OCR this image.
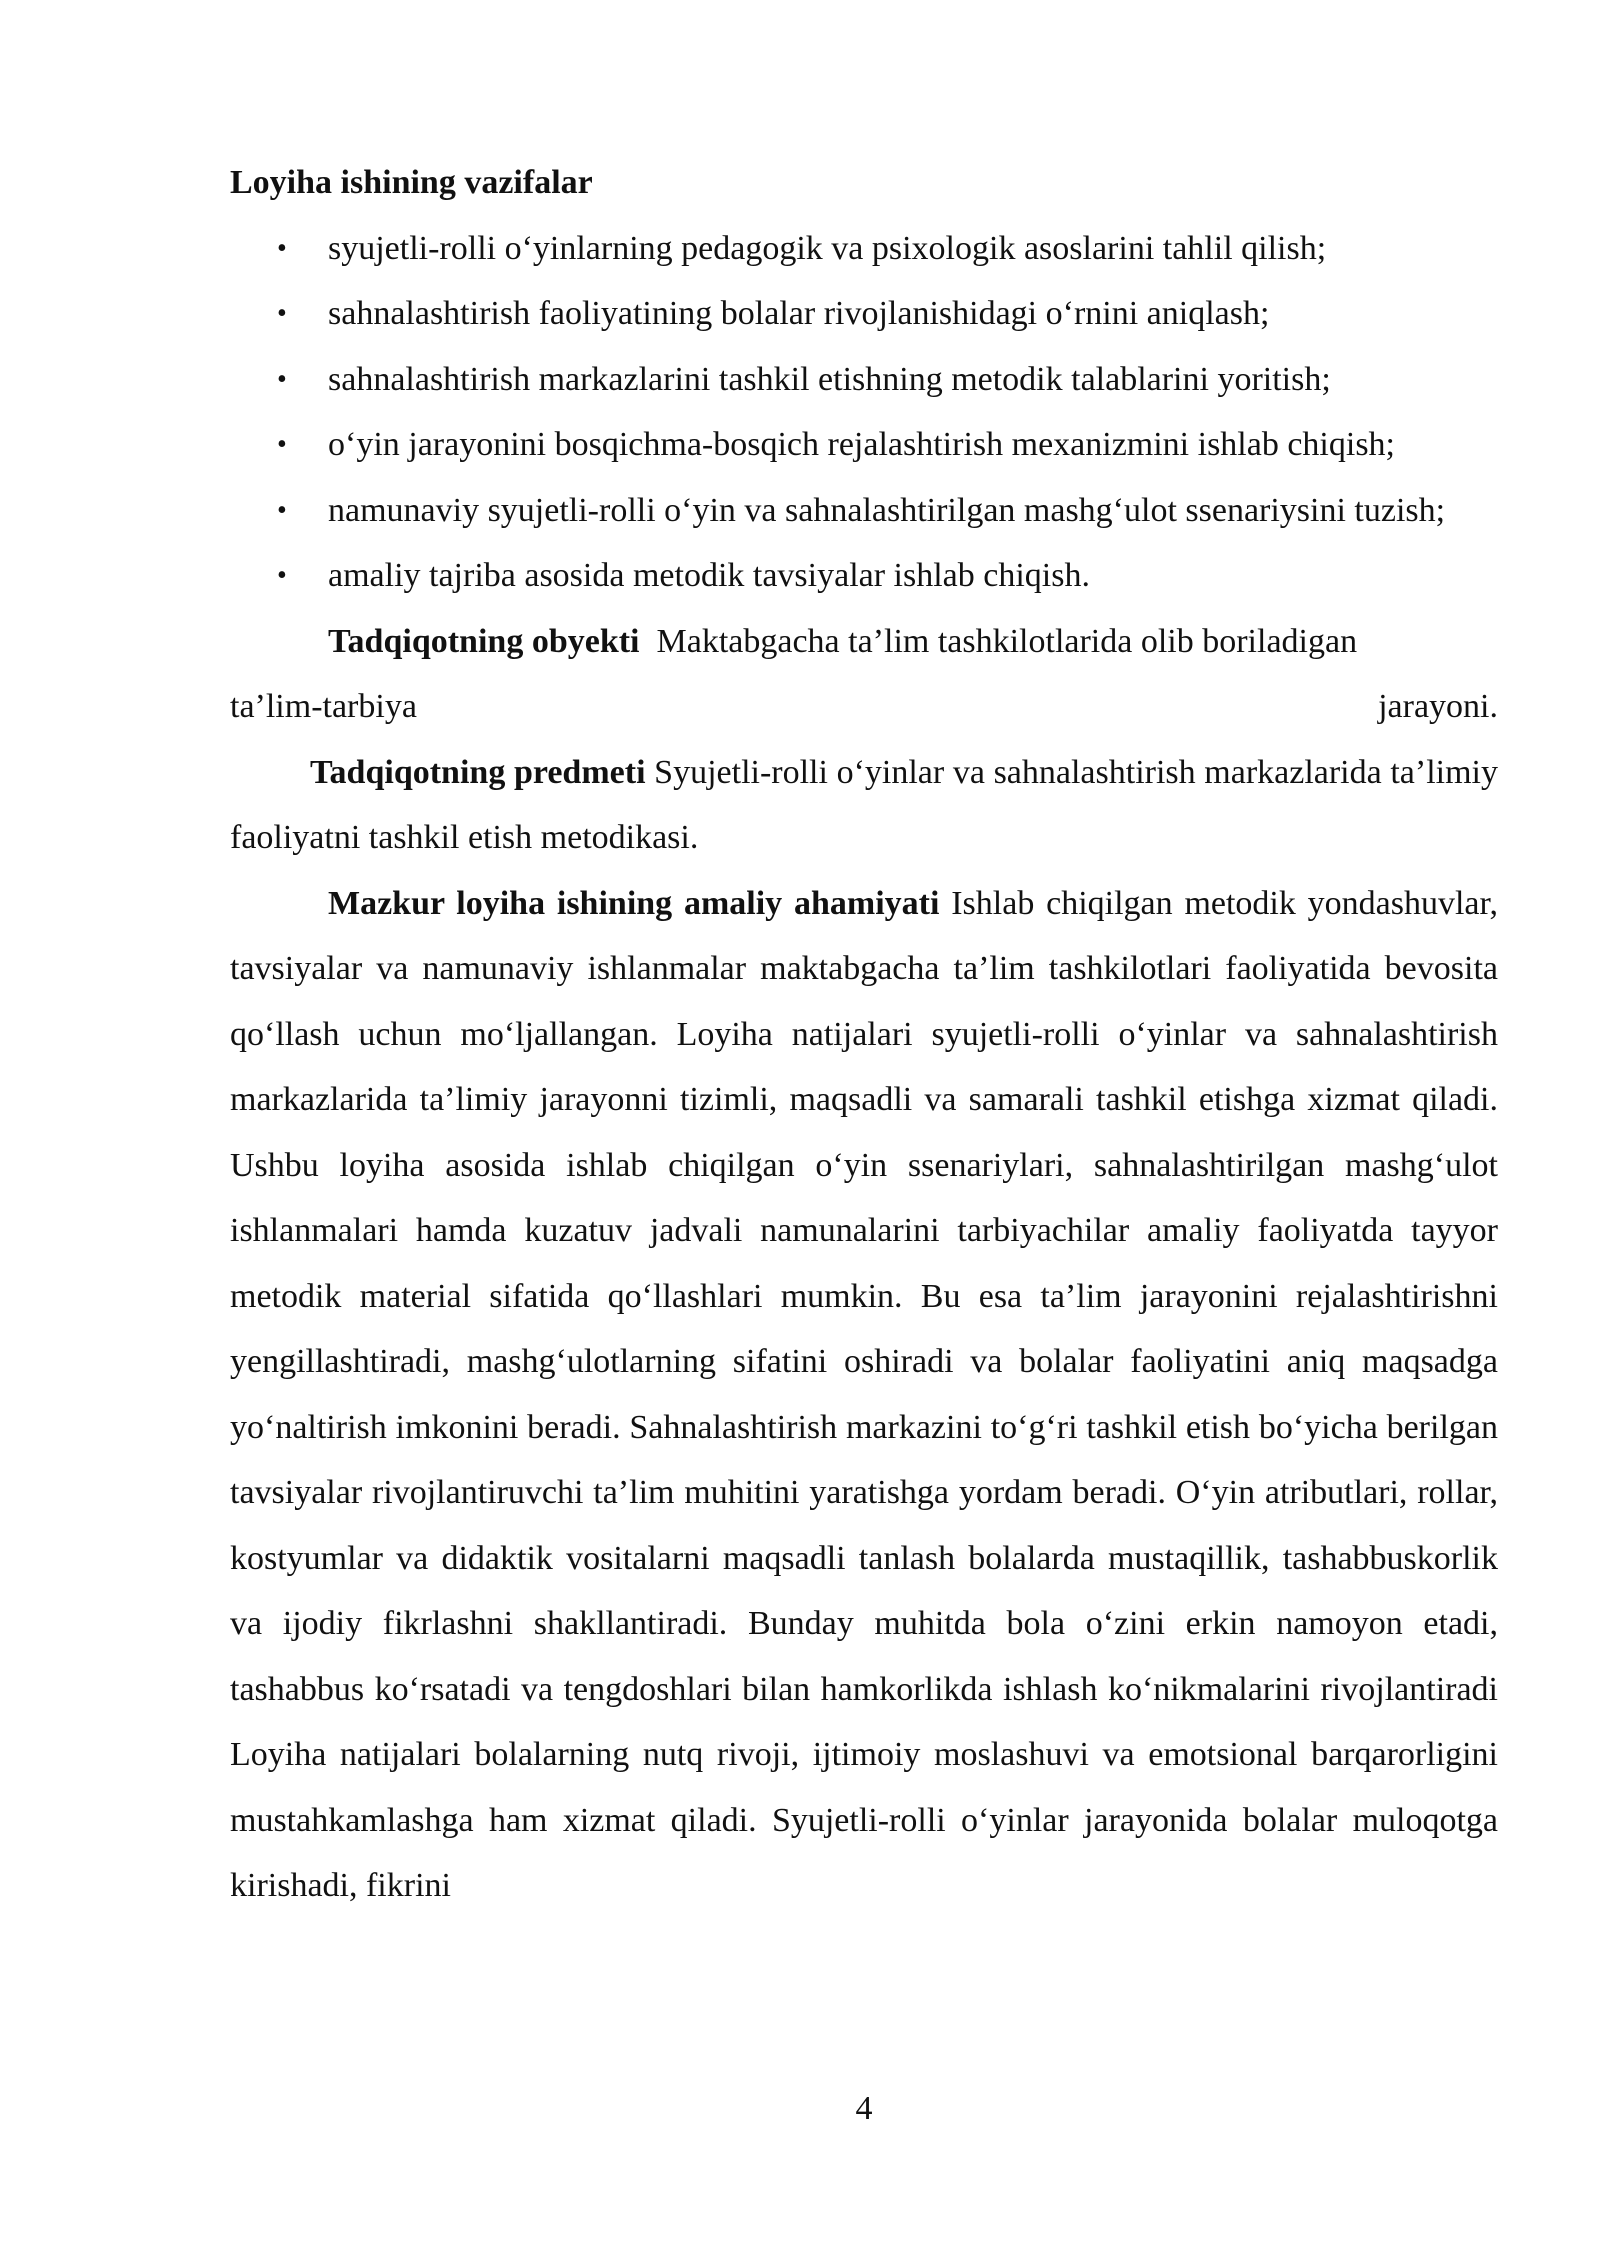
Loyiha ishining vazifalar

• syujetli-rolli o‘yinlarning pedagogik va psixologik asoslarini tahlil qilish;
• sahnalashtirish faoliyatining bolalar rivojlanishidagi o‘rnini aniqlash;
• sahnalashtirish markazlarini tashkil etishning metodik talablarini yoritish;
• o‘yin jarayonini bosqichma-bosqich rejalashtirish mexanizmini ishlab chiqish;
• namunaviy syujetli-rolli o‘yin va sahnalashtirilgan mashg‘ulot ssenariysini tuzish;
• amaliy tajriba asosida metodik tavsiyalar ishlab chiqish.

Tadqiqotning obyekti Maktabgacha ta’lim tashkilotlarida olib boriladigan

ta’lim-tarbiya	jarayoni.

Tadqiqotning predmeti Syujetli-rolli o‘yinlar va sahnalashtirish markazlarida ta’limiy faoliyatni tashkil etish metodikasi.

Mazkur loyiha ishining amaliy ahamiyati Ishlab chiqilgan metodik yondashuvlar, tavsiyalar va namunaviy ishlanmalar maktabgacha ta’lim tashkilotlari faoliyatida bevosita qo‘llash uchun mo‘ljallangan. Loyiha natijalari syujetli-rolli o‘yinlar va sahnalashtirish markazlarida ta’limiy jarayonni tizimli, maqsadli va samarali tashkil etishga xizmat qiladi. Ushbu loyiha asosida ishlab chiqilgan o‘yin ssenariylari, sahnalashtirilgan mashg‘ulot ishlanmalari hamda kuzatuv jadvali namunalarini tarbiyachilar amaliy faoliyatda tayyor metodik material sifatida qo‘llashlari mumkin. Bu esa ta’lim jarayonini rejalashtirishni yengillashtiradi, mashg‘ulotlarning sifatini oshiradi va bolalar faoliyatini aniq maqsadga yo‘naltirish imkonini beradi. Sahnalashtirish markazini to‘g‘ri tashkil etish bo‘yicha berilgan tavsiyalar rivojlantiruvchi ta’lim muhitini yaratishga yordam beradi. O‘yin atributlari, rollar, kostyumlar va didaktik vositalarni maqsadli tanlash bolalarda mustaqillik, tashabbuskorlik va ijodiy fikrlashni shakllantiradi. Bunday muhitda bola o‘zini erkin namoyon etadi, tashabbus ko‘rsatadi va tengdoshlari bilan hamkorlikda ishlash ko‘nikmalarini rivojlantiradi Loyiha natijalari bolalarning nutq rivoji, ijtimoiy moslashuvi va emotsional barqarorligini mustahkamlashga ham xizmat qiladi. Syujetli-rolli o‘yinlar jarayonida bolalar muloqotga kirishadi, fikrini

4
